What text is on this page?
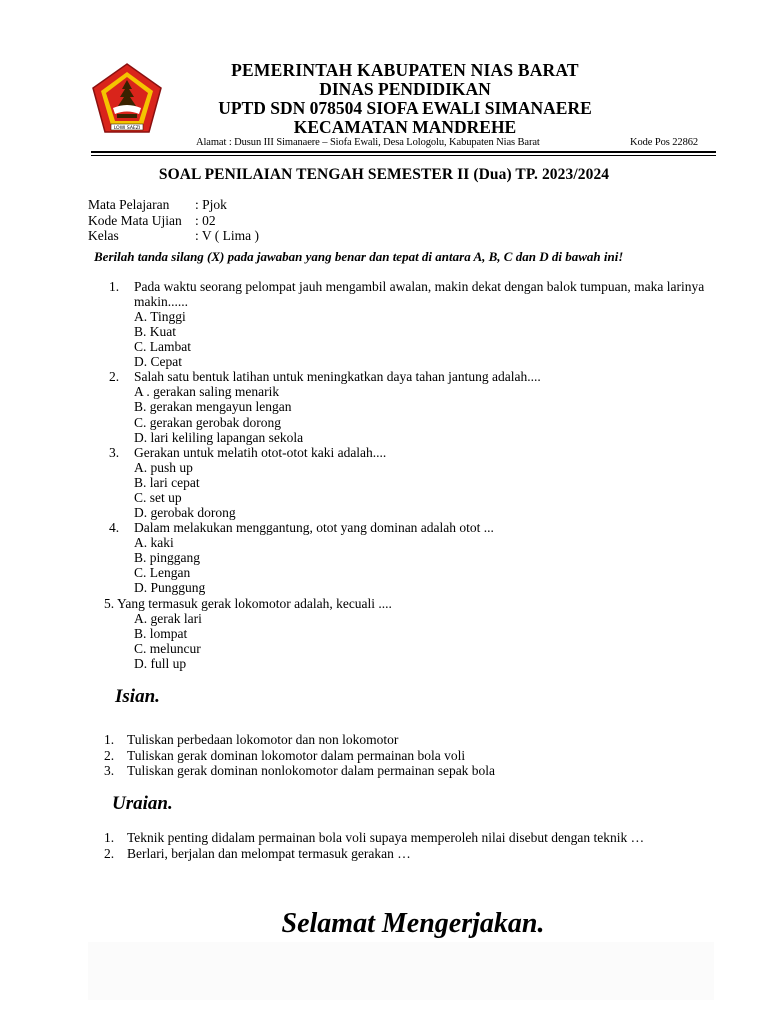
LOWI SAEZI
PEMERINTAH KABUPATEN NIAS BARAT
DINAS PENDIDIKAN
UPTD SDN 078504 SIOFA EWALI SIMANAERE
KECAMATAN MANDREHE
Alamat : Dusun III Simanaere – Siofa Ewali, Desa Lologolu, Kabupaten Nias Barat	Kode Pos 22862
SOAL PENILAIAN TENGAH SEMESTER II (Dua) TP. 2023/2024
Mata Pelajaran : Pjok
Kode Mata Ujian : 02
Kelas	: V ( Lima )
Berilah tanda silang (X) pada jawaban yang benar dan tepat di antara A, B, C dan D di bawah ini!
1. Pada waktu seorang pelompat jauh mengambil awalan, makin dekat dengan balok tumpuan, maka larinya makin......
A. Tinggi
B. Kuat
C. Lambat
D. Cepat
2. Salah satu bentuk latihan untuk meningkatkan daya tahan jantung adalah....
A . gerakan saling menarik
B. gerakan mengayun lengan
C. gerakan gerobak dorong
D. lari keliling lapangan sekola
3. Gerakan untuk melatih otot-otot kaki adalah....
A. push up
B. lari cepat
C. set up
D. gerobak dorong
4. Dalam melakukan menggantung, otot yang dominan adalah otot ...
A. kaki
B. pinggang
C. Lengan
D. Punggung
5. Yang termasuk gerak lokomotor adalah, kecuali ....
A. gerak lari
B. lompat
C. meluncur
D. full up
Isian.
1. Tuliskan perbedaan lokomotor dan non lokomotor
2. Tuliskan gerak dominan lokomotor dalam permainan bola voli
3. Tuliskan gerak dominan nonlokomotor dalam permainan sepak bola
Uraian.
1. Teknik penting didalam permainan bola voli supaya memperoleh nilai disebut dengan teknik …
2. Berlari, berjalan dan melompat termasuk gerakan …
Selamat Mengerjakan.
